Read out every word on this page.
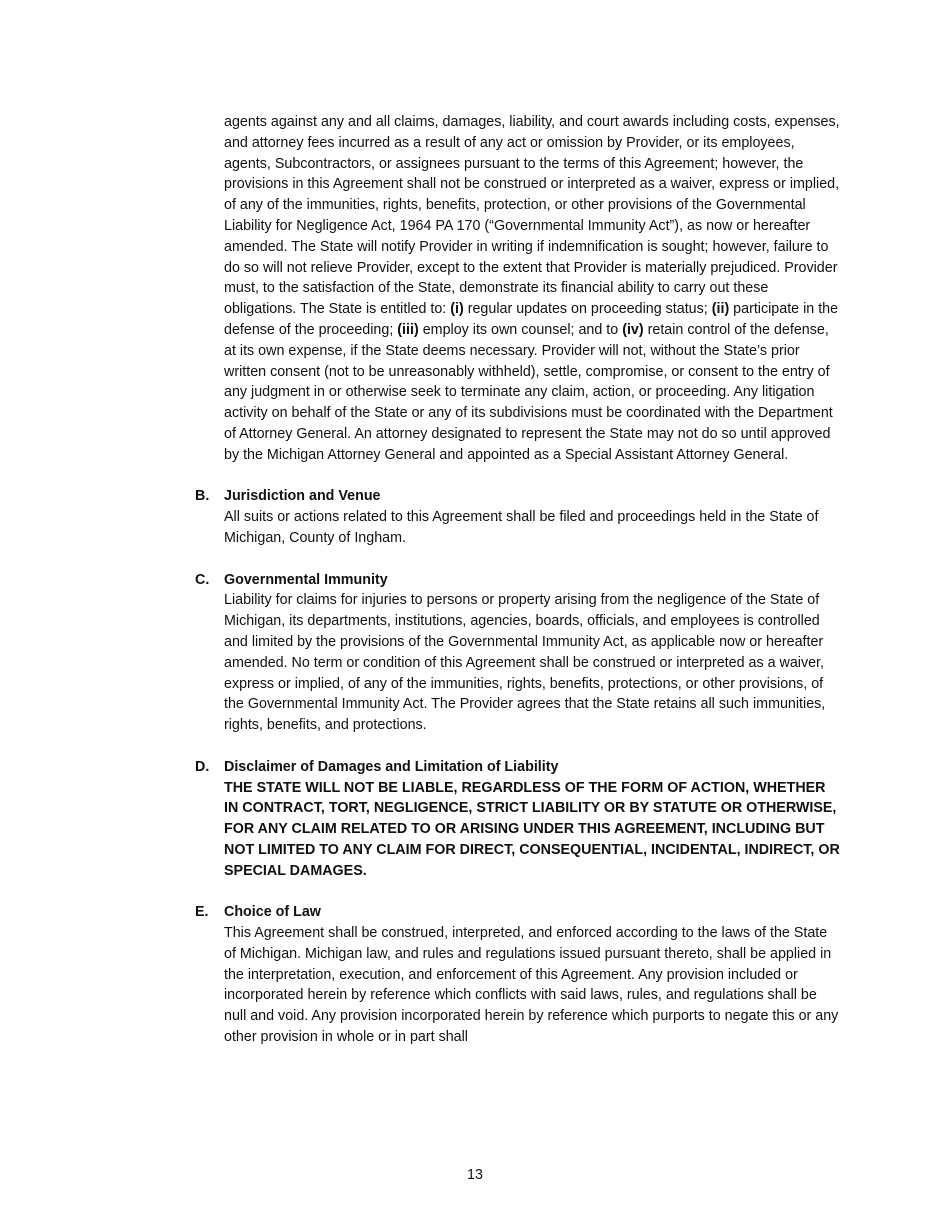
agents against any and all claims, damages, liability, and court awards including costs, expenses, and attorney fees incurred as a result of any act or omission by Provider, or its employees, agents, Subcontractors, or assignees pursuant to the terms of this Agreement; however, the provisions in this Agreement shall not be construed or interpreted as a waiver, express or implied, of any of the immunities, rights, benefits, protection, or other provisions of the Governmental Liability for Negligence Act, 1964 PA 170 (“Governmental Immunity Act”), as now or hereafter amended. The State will notify Provider in writing if indemnification is sought; however, failure to do so will not relieve Provider, except to the extent that Provider is materially prejudiced. Provider must, to the satisfaction of the State, demonstrate its financial ability to carry out these obligations. The State is entitled to: (i) regular updates on proceeding status; (ii) participate in the defense of the proceeding; (iii) employ its own counsel; and to (iv) retain control of the defense, at its own expense, if the State deems necessary. Provider will not, without the State’s prior written consent (not to be unreasonably withheld), settle, compromise, or consent to the entry of any judgment in or otherwise seek to terminate any claim, action, or proceeding. Any litigation activity on behalf of the State or any of its subdivisions must be coordinated with the Department of Attorney General. An attorney designated to represent the State may not do so until approved by the Michigan Attorney General and appointed as a Special Assistant Attorney General.

B. Jurisdiction and Venue

All suits or actions related to this Agreement shall be filed and proceedings held in the State of Michigan, County of Ingham.

C. Governmental Immunity

Liability for claims for injuries to persons or property arising from the negligence of the State of Michigan, its departments, institutions, agencies, boards, officials, and employees is controlled and limited by the provisions of the Governmental Immunity Act, as applicable now or hereafter amended. No term or condition of this Agreement shall be construed or interpreted as a waiver, express or implied, of any of the immunities, rights, benefits, protections, or other provisions, of the Governmental Immunity Act. The Provider agrees that the State retains all such immunities, rights, benefits, and protections.

D. Disclaimer of Damages and Limitation of Liability

THE STATE WILL NOT BE LIABLE, REGARDLESS OF THE FORM OF ACTION, WHETHER IN CONTRACT, TORT, NEGLIGENCE, STRICT LIABILITY OR BY STATUTE OR OTHERWISE, FOR ANY CLAIM RELATED TO OR ARISING UNDER THIS AGREEMENT, INCLUDING BUT NOT LIMITED TO ANY CLAIM FOR DIRECT, CONSEQUENTIAL, INCIDENTAL, INDIRECT, OR SPECIAL DAMAGES.

E. Choice of Law

This Agreement shall be construed, interpreted, and enforced according to the laws of the State of Michigan. Michigan law, and rules and regulations issued pursuant thereto, shall be applied in the interpretation, execution, and enforcement of this Agreement. Any provision included or incorporated herein by reference which conflicts with said laws, rules, and regulations shall be null and void. Any provision incorporated herein by reference which purports to negate this or any other provision in whole or in part shall

13
